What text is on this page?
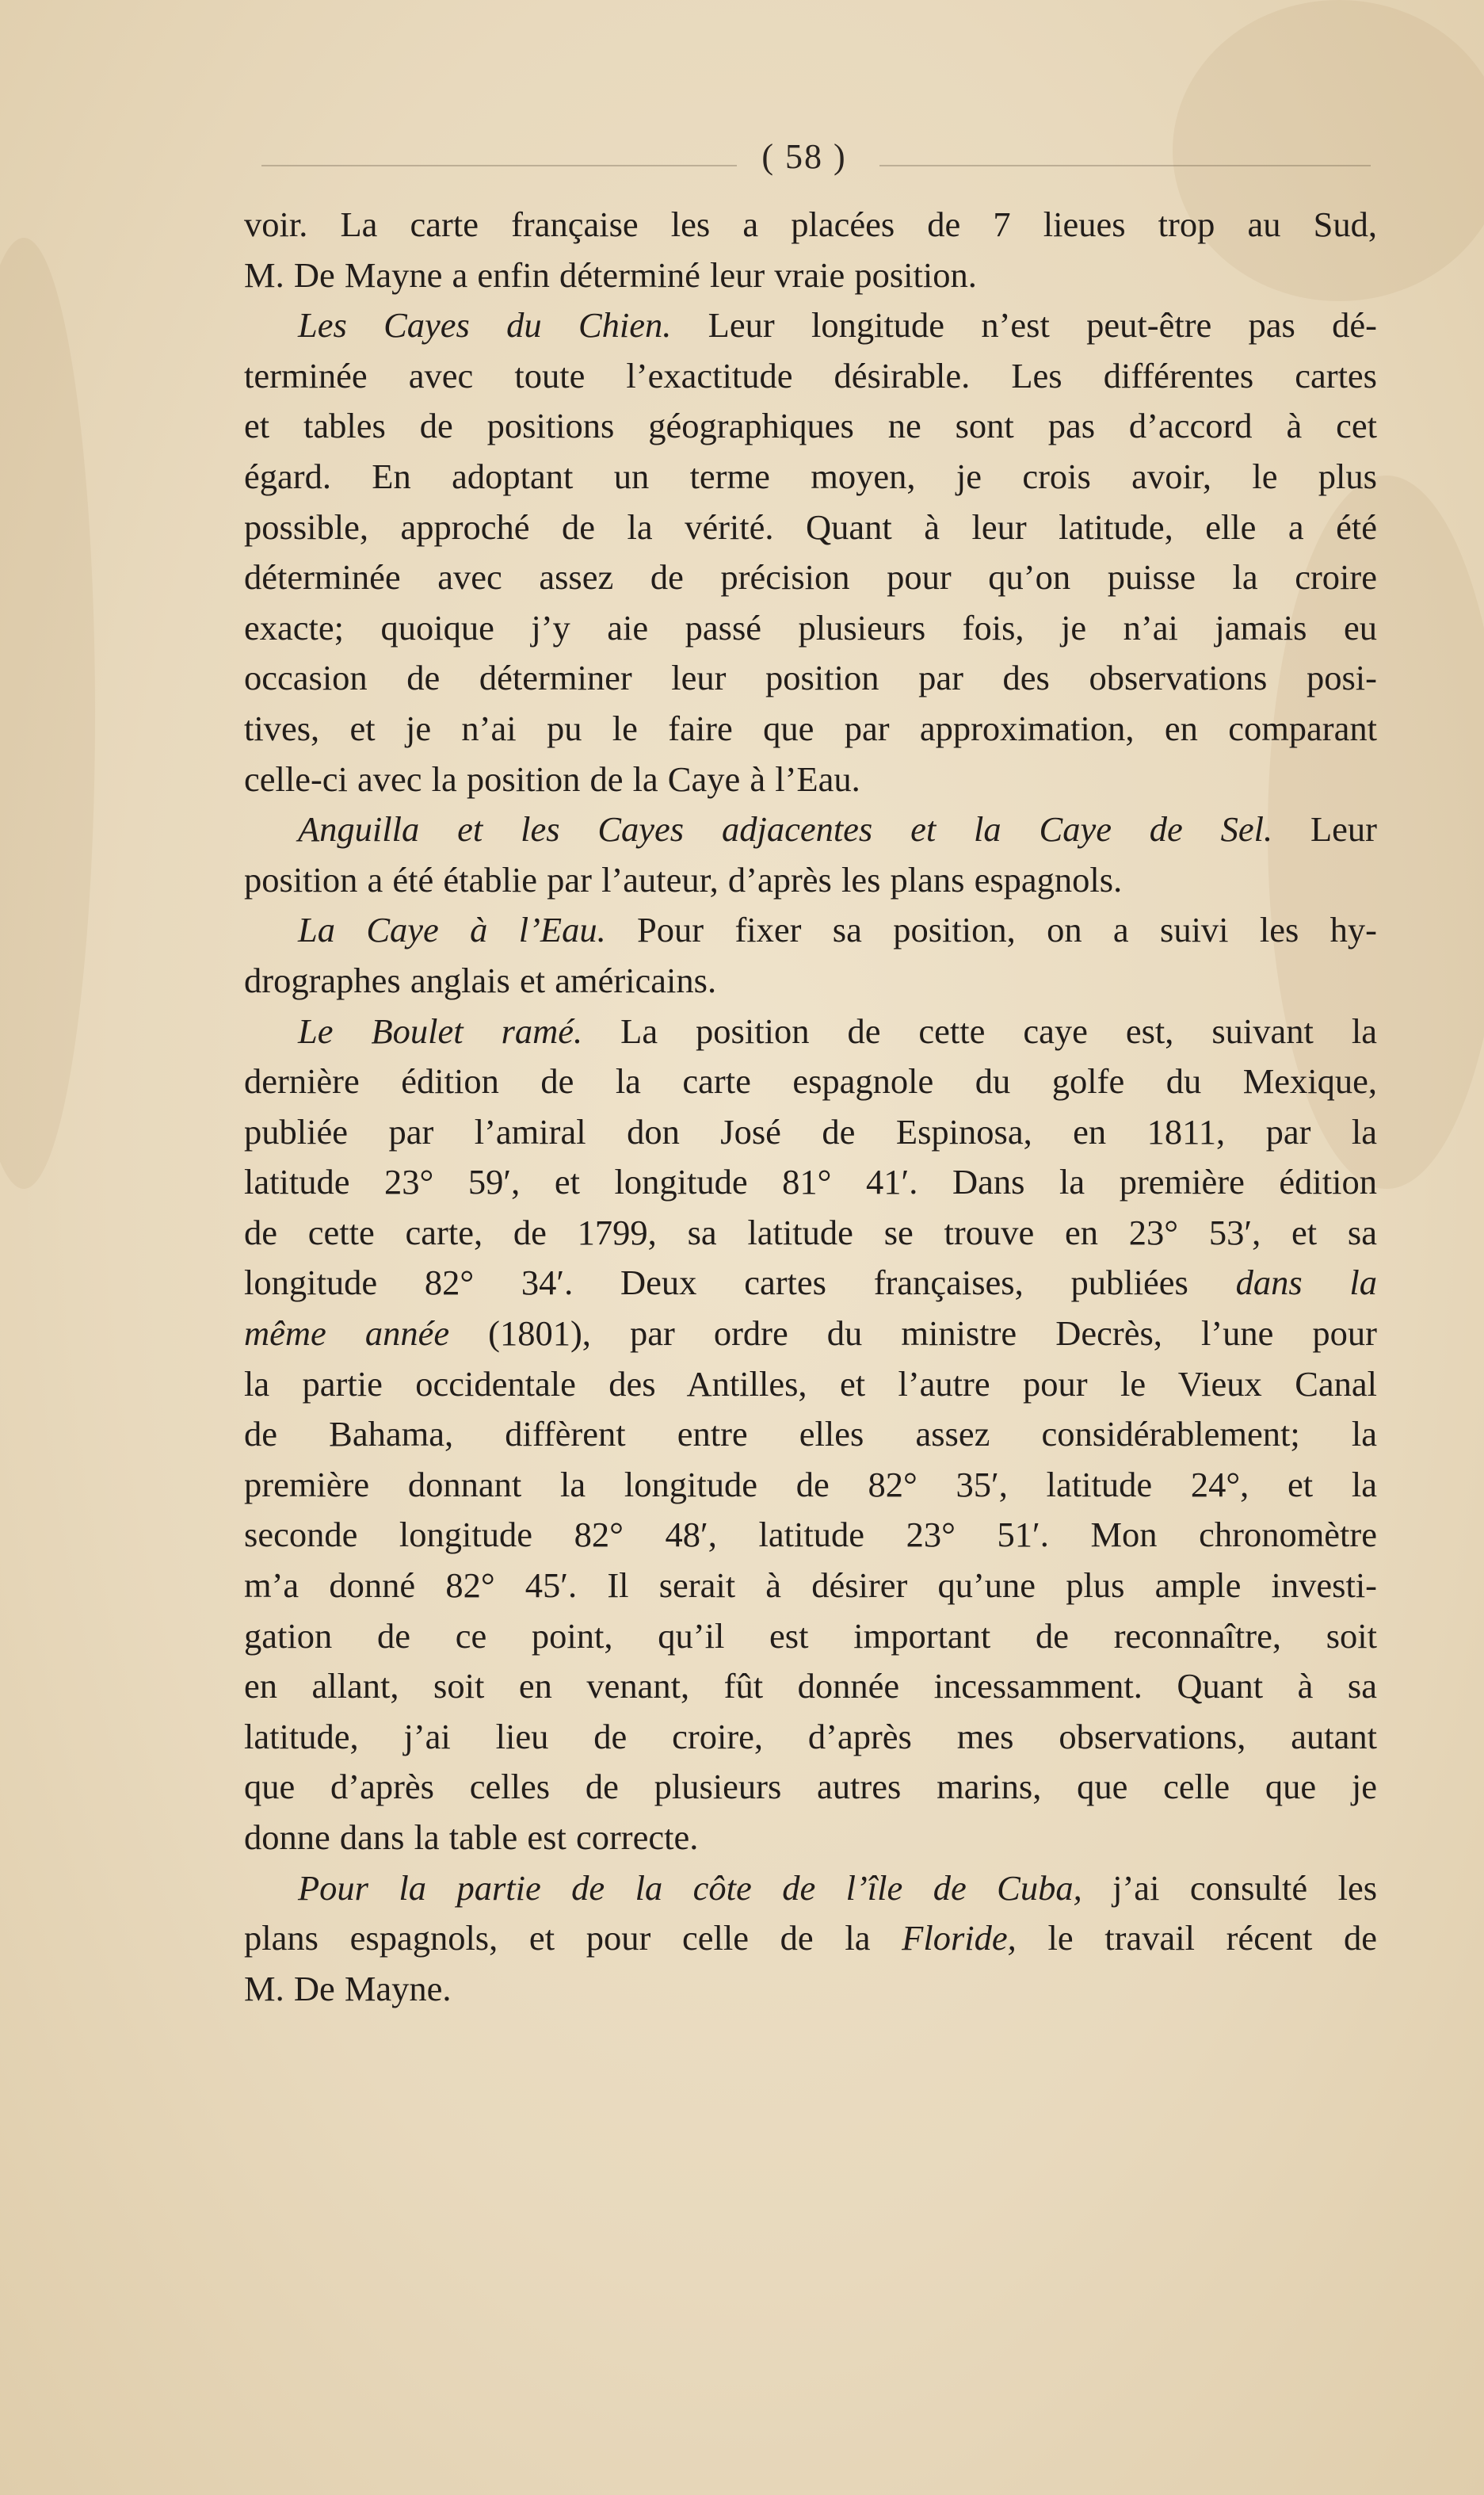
( 58 )
voir. La carte française les a placées de 7 lieues trop au Sud,
M. De Mayne a enfin déterminé leur vraie position.
Les Cayes du Chien. Leur longitude n’est peut-être pas dé-
terminée avec toute l’exactitude désirable. Les différentes cartes
et tables de positions géographiques ne sont pas d’accord à cet
égard. En adoptant un terme moyen, je crois avoir, le plus
possible, approché de la vérité. Quant à leur latitude, elle a été
déterminée avec assez de précision pour qu’on puisse la croire
exacte; quoique j’y aie passé plusieurs fois, je n’ai jamais eu
occasion de déterminer leur position par des observations posi-
tives, et je n’ai pu le faire que par approximation, en comparant
celle-ci avec la position de la Caye à l’Eau.
Anguilla et les Cayes adjacentes et la Caye de Sel. Leur
position a été établie par l’auteur, d’après les plans espagnols.
La Caye à l’Eau. Pour fixer sa position, on a suivi les hy-
drographes anglais et américains.
Le Boulet ramé. La position de cette caye est, suivant la
dernière édition de la carte espagnole du golfe du Mexique,
publiée par l’amiral don José de Espinosa, en 1811, par la
latitude 23° 59′, et longitude 81° 41′. Dans la première édition
de cette carte, de 1799, sa latitude se trouve en 23° 53′, et sa
longitude 82° 34′. Deux cartes françaises, publiées dans la
même année (1801), par ordre du ministre Decrès, l’une pour
la partie occidentale des Antilles, et l’autre pour le Vieux Canal
de Bahama, diffèrent entre elles assez considérablement; la
première donnant la longitude de 82° 35′, latitude 24°, et la
seconde longitude 82° 48′, latitude 23° 51′. Mon chronomètre
m’a donné 82° 45′. Il serait à désirer qu’une plus ample investi-
gation de ce point, qu’il est important de reconnaître, soit
en allant, soit en venant, fût donnée incessamment. Quant à sa
latitude, j’ai lieu de croire, d’après mes observations, autant
que d’après celles de plusieurs autres marins, que celle que je
donne dans la table est correcte.
Pour la partie de la côte de l’île de Cuba, j’ai consulté les
plans espagnols, et pour celle de la Floride, le travail récent de
M. De Mayne.
